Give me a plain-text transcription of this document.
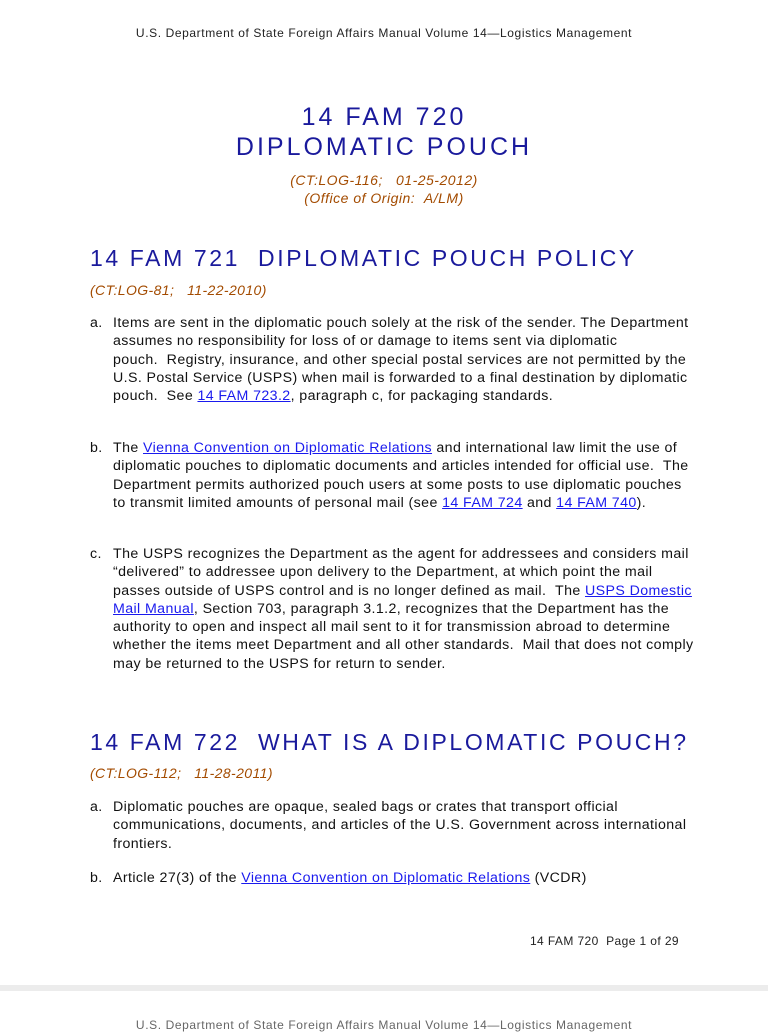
U.S. Department of State Foreign Affairs Manual Volume 14—Logistics Management
14 FAM 720
DIPLOMATIC POUCH
(CT:LOG-116;   01-25-2012)
(Office of Origin:  A/LM)
14 FAM 721  DIPLOMATIC POUCH POLICY
(CT:LOG-81;   11-22-2010)
a. Items are sent in the diplomatic pouch solely at the risk of the sender. The Department assumes no responsibility for loss of or damage to items sent via diplomatic pouch.  Registry, insurance, and other special postal services are not permitted by the U.S. Postal Service (USPS) when mail is forwarded to a final destination by diplomatic pouch.  See 14 FAM 723.2, paragraph c, for packaging standards.
b. The Vienna Convention on Diplomatic Relations and international law limit the use of diplomatic pouches to diplomatic documents and articles intended for official use.  The Department permits authorized pouch users at some posts to use diplomatic pouches to transmit limited amounts of personal mail (see 14 FAM 724 and 14 FAM 740).
c. The USPS recognizes the Department as the agent for addressees and considers mail “delivered” to addressee upon delivery to the Department, at which point the mail passes outside of USPS control and is no longer defined as mail.  The USPS Domestic Mail Manual, Section 703, paragraph 3.1.2, recognizes that the Department has the authority to open and inspect all mail sent to it for transmission abroad to determine whether the items meet Department and all other standards.  Mail that does not comply may be returned to the USPS for return to sender.
14 FAM 722  WHAT IS A DIPLOMATIC POUCH?
(CT:LOG-112;   11-28-2011)
a. Diplomatic pouches are opaque, sealed bags or crates that transport official communications, documents, and articles of the U.S. Government across international frontiers.
b. Article 27(3) of the Vienna Convention on Diplomatic Relations (VCDR)
14 FAM 720  Page 1 of 29
U.S. Department of State Foreign Affairs Manual Volume 14—Logistics Management
